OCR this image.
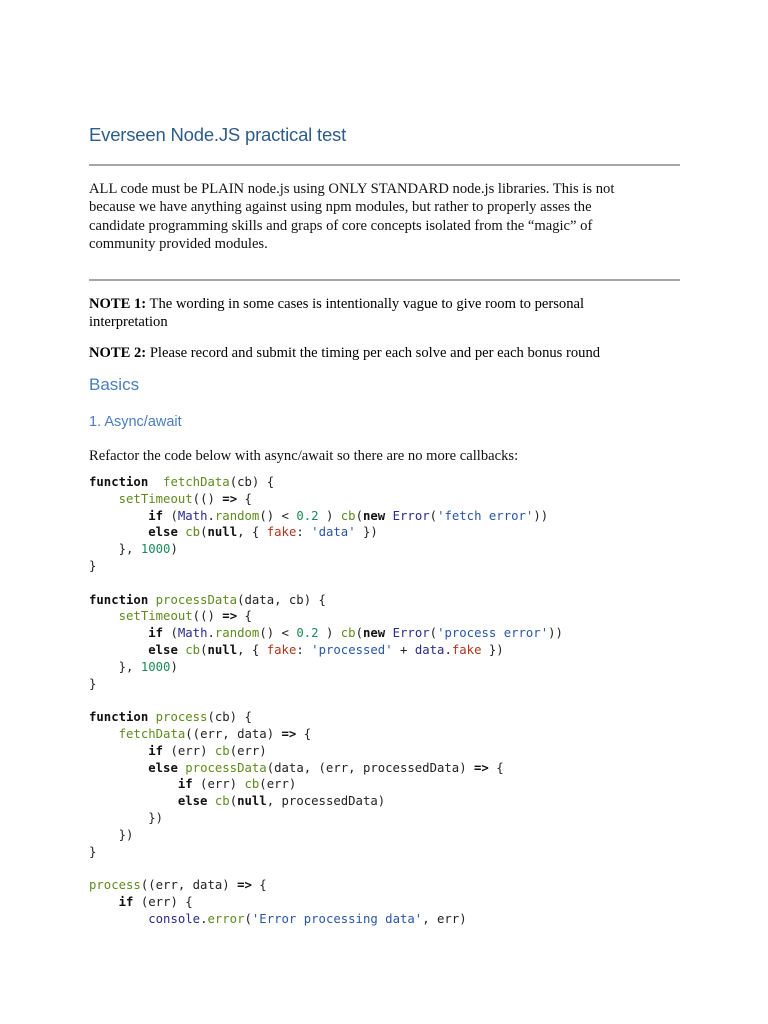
Everseen Node.JS practical test
ALL code must be PLAIN node.js using ONLY STANDARD node.js libraries. This is not
because we have anything against using npm modules, but rather to properly asses the
candidate programming skills and graps of core concepts isolated from the “magic” of
community provided modules.
NOTE 1: The wording in some cases is intentionally vague to give room to personal
interpretation
NOTE 2: Please record and submit the timing per each solve and per each bonus round
Basics
1. Async/await
Refactor the code below with async/await so there are no more callbacks:
function fetchData(cb) {
setTimeout(() => {
if (Math.random() < 0.2 ) cb(new Error('fetch error'))
else cb(null, { fake: 'data' })
}, 1000)
}
function processData(data, cb) {
setTimeout(() => {
if (Math.random() < 0.2 ) cb(new Error('process error'))
else cb(null, { fake: 'processed' + data.fake })
}, 1000)
}
function process(cb) {
fetchData((err, data) => {
if (err) cb(err)
else processData(data, (err, processedData) => {
if (err) cb(err)
else cb(null, processedData)
})
})
}
process((err, data) => {
if (err) {
console.error('Error processing data', err)
